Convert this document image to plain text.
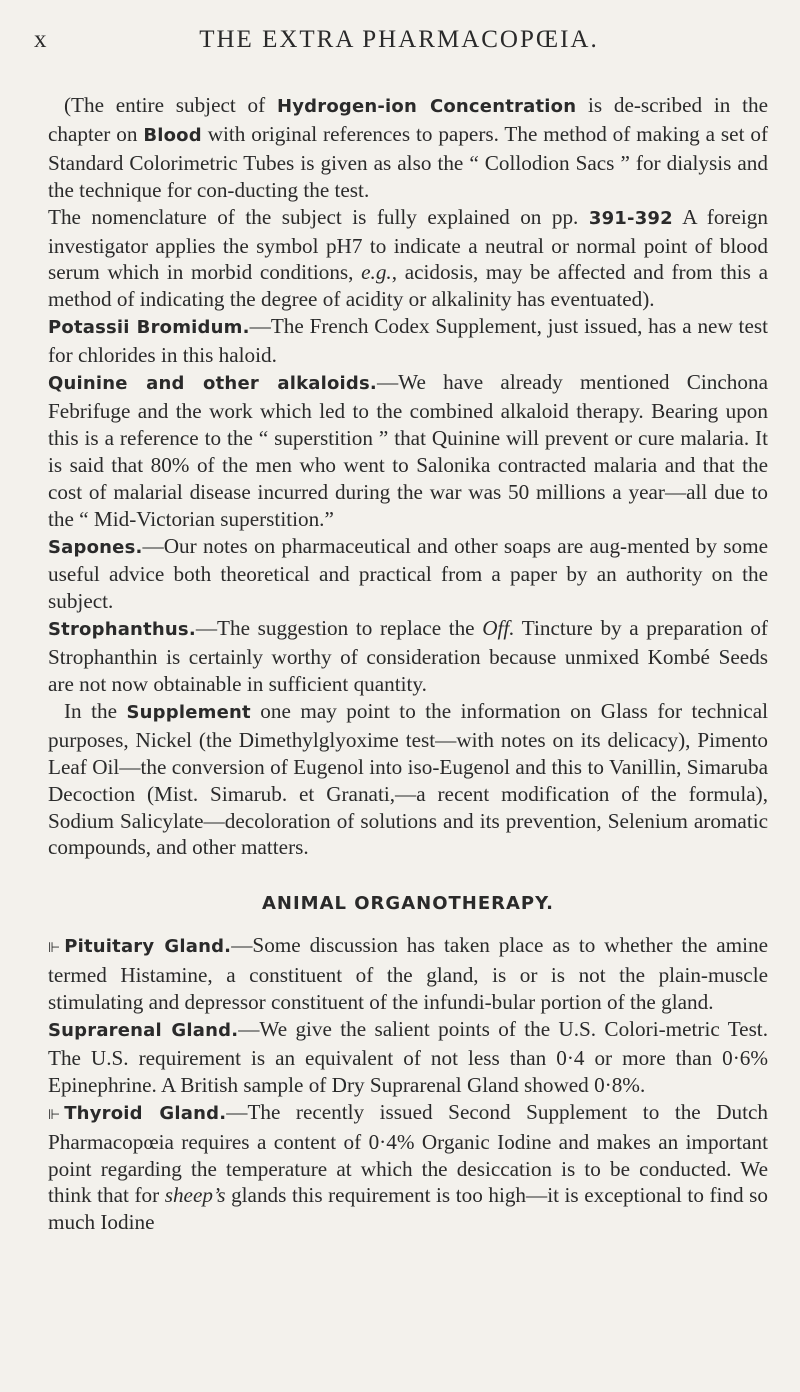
x	THE EXTRA PHARMACOPŒIA.

(The entire subject of Hydrogen-ion Concentration is de-scribed in the chapter on Blood with original references to papers. The method of making a set of Standard Colorimetric Tubes is given as also the “ Collodion Sacs ” for dialysis and the technique for con-ducting the test.

The nomenclature of the subject is fully explained on pp. 391-392 A foreign investigator applies the symbol pH7 to indicate a neutral or normal point of blood serum which in morbid conditions, e.g., acidosis, may be affected and from this a method of indicating the degree of acidity or alkalinity has eventuated).

Potassii Bromidum.—The French Codex Supplement, just issued, has a new test for chlorides in this haloid.

Quinine and other alkaloids.—We have already mentioned Cinchona Febrifuge and the work which led to the combined alkaloid therapy. Bearing upon this is a reference to the “ superstition ” that Quinine will prevent or cure malaria. It is said that 80% of the men who went to Salonika contracted malaria and that the cost of malarial disease incurred during the war was 50 millions a year—all due to the “ Mid-Victorian superstition.”

Sapones.—Our notes on pharmaceutical and other soaps are aug-mented by some useful advice both theoretical and practical from a paper by an authority on the subject.

Strophanthus.—The suggestion to replace the Off. Tincture by a preparation of Strophanthin is certainly worthy of consideration because unmixed Kombé Seeds are not now obtainable in sufficient quantity.

In the Supplement one may point to the information on Glass for technical purposes, Nickel (the Dimethylglyoxime test—with notes on its delicacy), Pimento Leaf Oil—the conversion of Eugenol into iso-Eugenol and this to Vanillin, Simaruba Decoction (Mist. Simarub. et Granati,—a recent modification of the formula), Sodium Salicylate—decoloration of solutions and its prevention, Selenium aromatic compounds, and other matters.

ANIMAL ORGANOTHERAPY.

⊩ Pituitary Gland.—Some discussion has taken place as to whether the amine termed Histamine, a constituent of the gland, is or is not the plain-muscle stimulating and depressor constituent of the infundi-bular portion of the gland.

Suprarenal Gland.—We give the salient points of the U.S. Colori-metric Test. The U.S. requirement is an equivalent of not less than 0·4 or more than 0·6% Epinephrine. A British sample of Dry Suprarenal Gland showed 0·8%.

⊩ Thyroid Gland.—The recently issued Second Supplement to the Dutch Pharmacopœia requires a content of 0·4% Organic Iodine and makes an important point regarding the temperature at which the desiccation is to be conducted. We think that for sheep’s glands this requirement is too high—it is exceptional to find so much Iodine
